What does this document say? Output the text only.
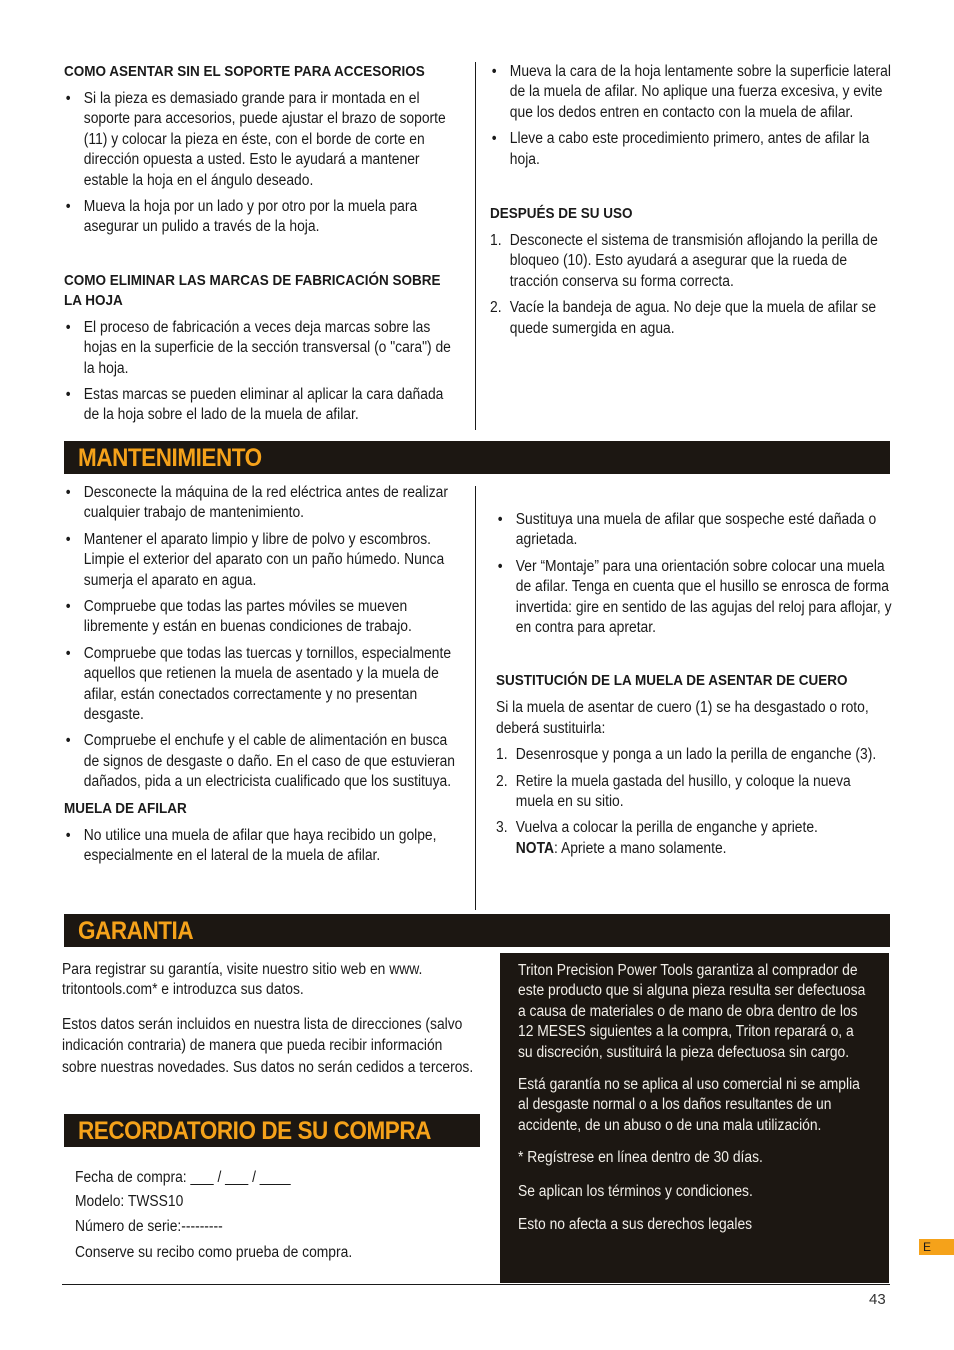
COMO ASENTAR SIN EL SOPORTE PARA ACCESORIOS
• Si la pieza es demasiado grande para ir montada en el soporte para accesorios, puede ajustar el brazo de soporte (11) y colocar la pieza en éste, con el borde de corte en dirección opuesta a usted. Esto le ayudará a mantener estable la hoja en el ángulo deseado.
• Mueva la hoja por un lado y por otro por la muela para asegurar un pulido a través de la hoja.
COMO ELIMINAR LAS MARCAS DE FABRICACIÓN SOBRE LA HOJA
• El proceso de fabricación a veces deja marcas sobre las hojas en la superficie de la sección transversal (o "cara") de la hoja.
• Estas marcas se pueden eliminar al aplicar la cara dañada de la hoja sobre el lado de la muela de afilar.
• Mueva la cara de la hoja lentamente sobre la superficie lateral de la muela de afilar. No aplique una fuerza excesiva, y evite que los dedos entren en contacto con la muela de afilar.
• Lleve a cabo este procedimiento primero, antes de afilar la hoja.
DESPUÉS DE SU USO
1. Desconecte el sistema de transmisión aflojando la perilla de bloqueo (10). Esto ayudará a asegurar que la rueda de tracción conserva su forma correcta.
2. Vacíe la bandeja de agua. No deje que la muela de afilar se quede sumergida en agua.
MANTENIMIENTO
• Desconecte la máquina de la red eléctrica antes de realizar cualquier trabajo de mantenimiento.
• Mantener el aparato limpio y libre de polvo y escombros. Limpie el exterior del aparato con un paño húmedo. Nunca sumerja el aparato en agua.
• Compruebe que todas las partes móviles se mueven libremente y están en buenas condiciones de trabajo.
• Compruebe que todas las tuercas y tornillos, especialmente aquellos que retienen la muela de asentado y la muela de afilar, están conectados correctamente y no presentan desgaste.
• Compruebe el enchufe y el cable de alimentación en busca de signos de desgaste o daño. En el caso de que estuvieran dañados, pida a un electricista cualificado que los sustituya.
MUELA DE AFILAR
• No utilice una muela de afilar que haya recibido un golpe, especialmente en el lateral de la muela de afilar.
• Sustituya una muela de afilar que sospeche esté dañada o agrietada.
• Ver “Montaje” para una orientación sobre colocar una muela de afilar. Tenga en cuenta que el husillo se enrosca de forma invertida: gire en sentido de las agujas del reloj para aflojar, y en contra para apretar.
SUSTITUCIÓN DE LA MUELA DE ASENTAR DE CUERO

Si la muela de asentar de cuero (1) se ha desgastado o roto, deberá sustituirla:

1. Desenrosque y ponga a un lado la perilla de enganche (3).
2. Retire la muela gastada del husillo, y coloque la nueva muela en su sitio.
3. Vuelva a colocar la perilla de enganche y apriete.
NOTA: Apriete a mano solamente.
GARANTIA

Para registrar su garantía, visite nuestro sitio web en www. tritontools.com* e introduzca sus datos.

Estos datos serán incluidos en nuestra lista de direcciones (salvo indicación contraria) de manera que pueda recibir información sobre nuestras novedades. Sus datos no serán cedidos a terceros.

Triton Precision Power Tools garantiza al comprador de este producto que si alguna pieza resulta ser defectuosa a causa de materiales o de mano de obra dentro de los 12 MESES siguientes a la compra, Triton reparará o, a su discreción, sustituirá la pieza defectuosa sin cargo.

Está garantía no se aplica al uso comercial ni se amplia al desgaste normal o a los daños resultantes de un accidente, de un abuso o de una mala utilización.

* Regístrese en línea dentro de 30 días.

Se aplican los términos y condiciones.

Esto no afecta a sus derechos legales

RECORDATORIO DE SU COMPRA

Fecha de compra: ___ / ___ / ____

Modelo: TWSS10

Número de serie:---------

Conserve su recibo como prueba de compra.	E
43
